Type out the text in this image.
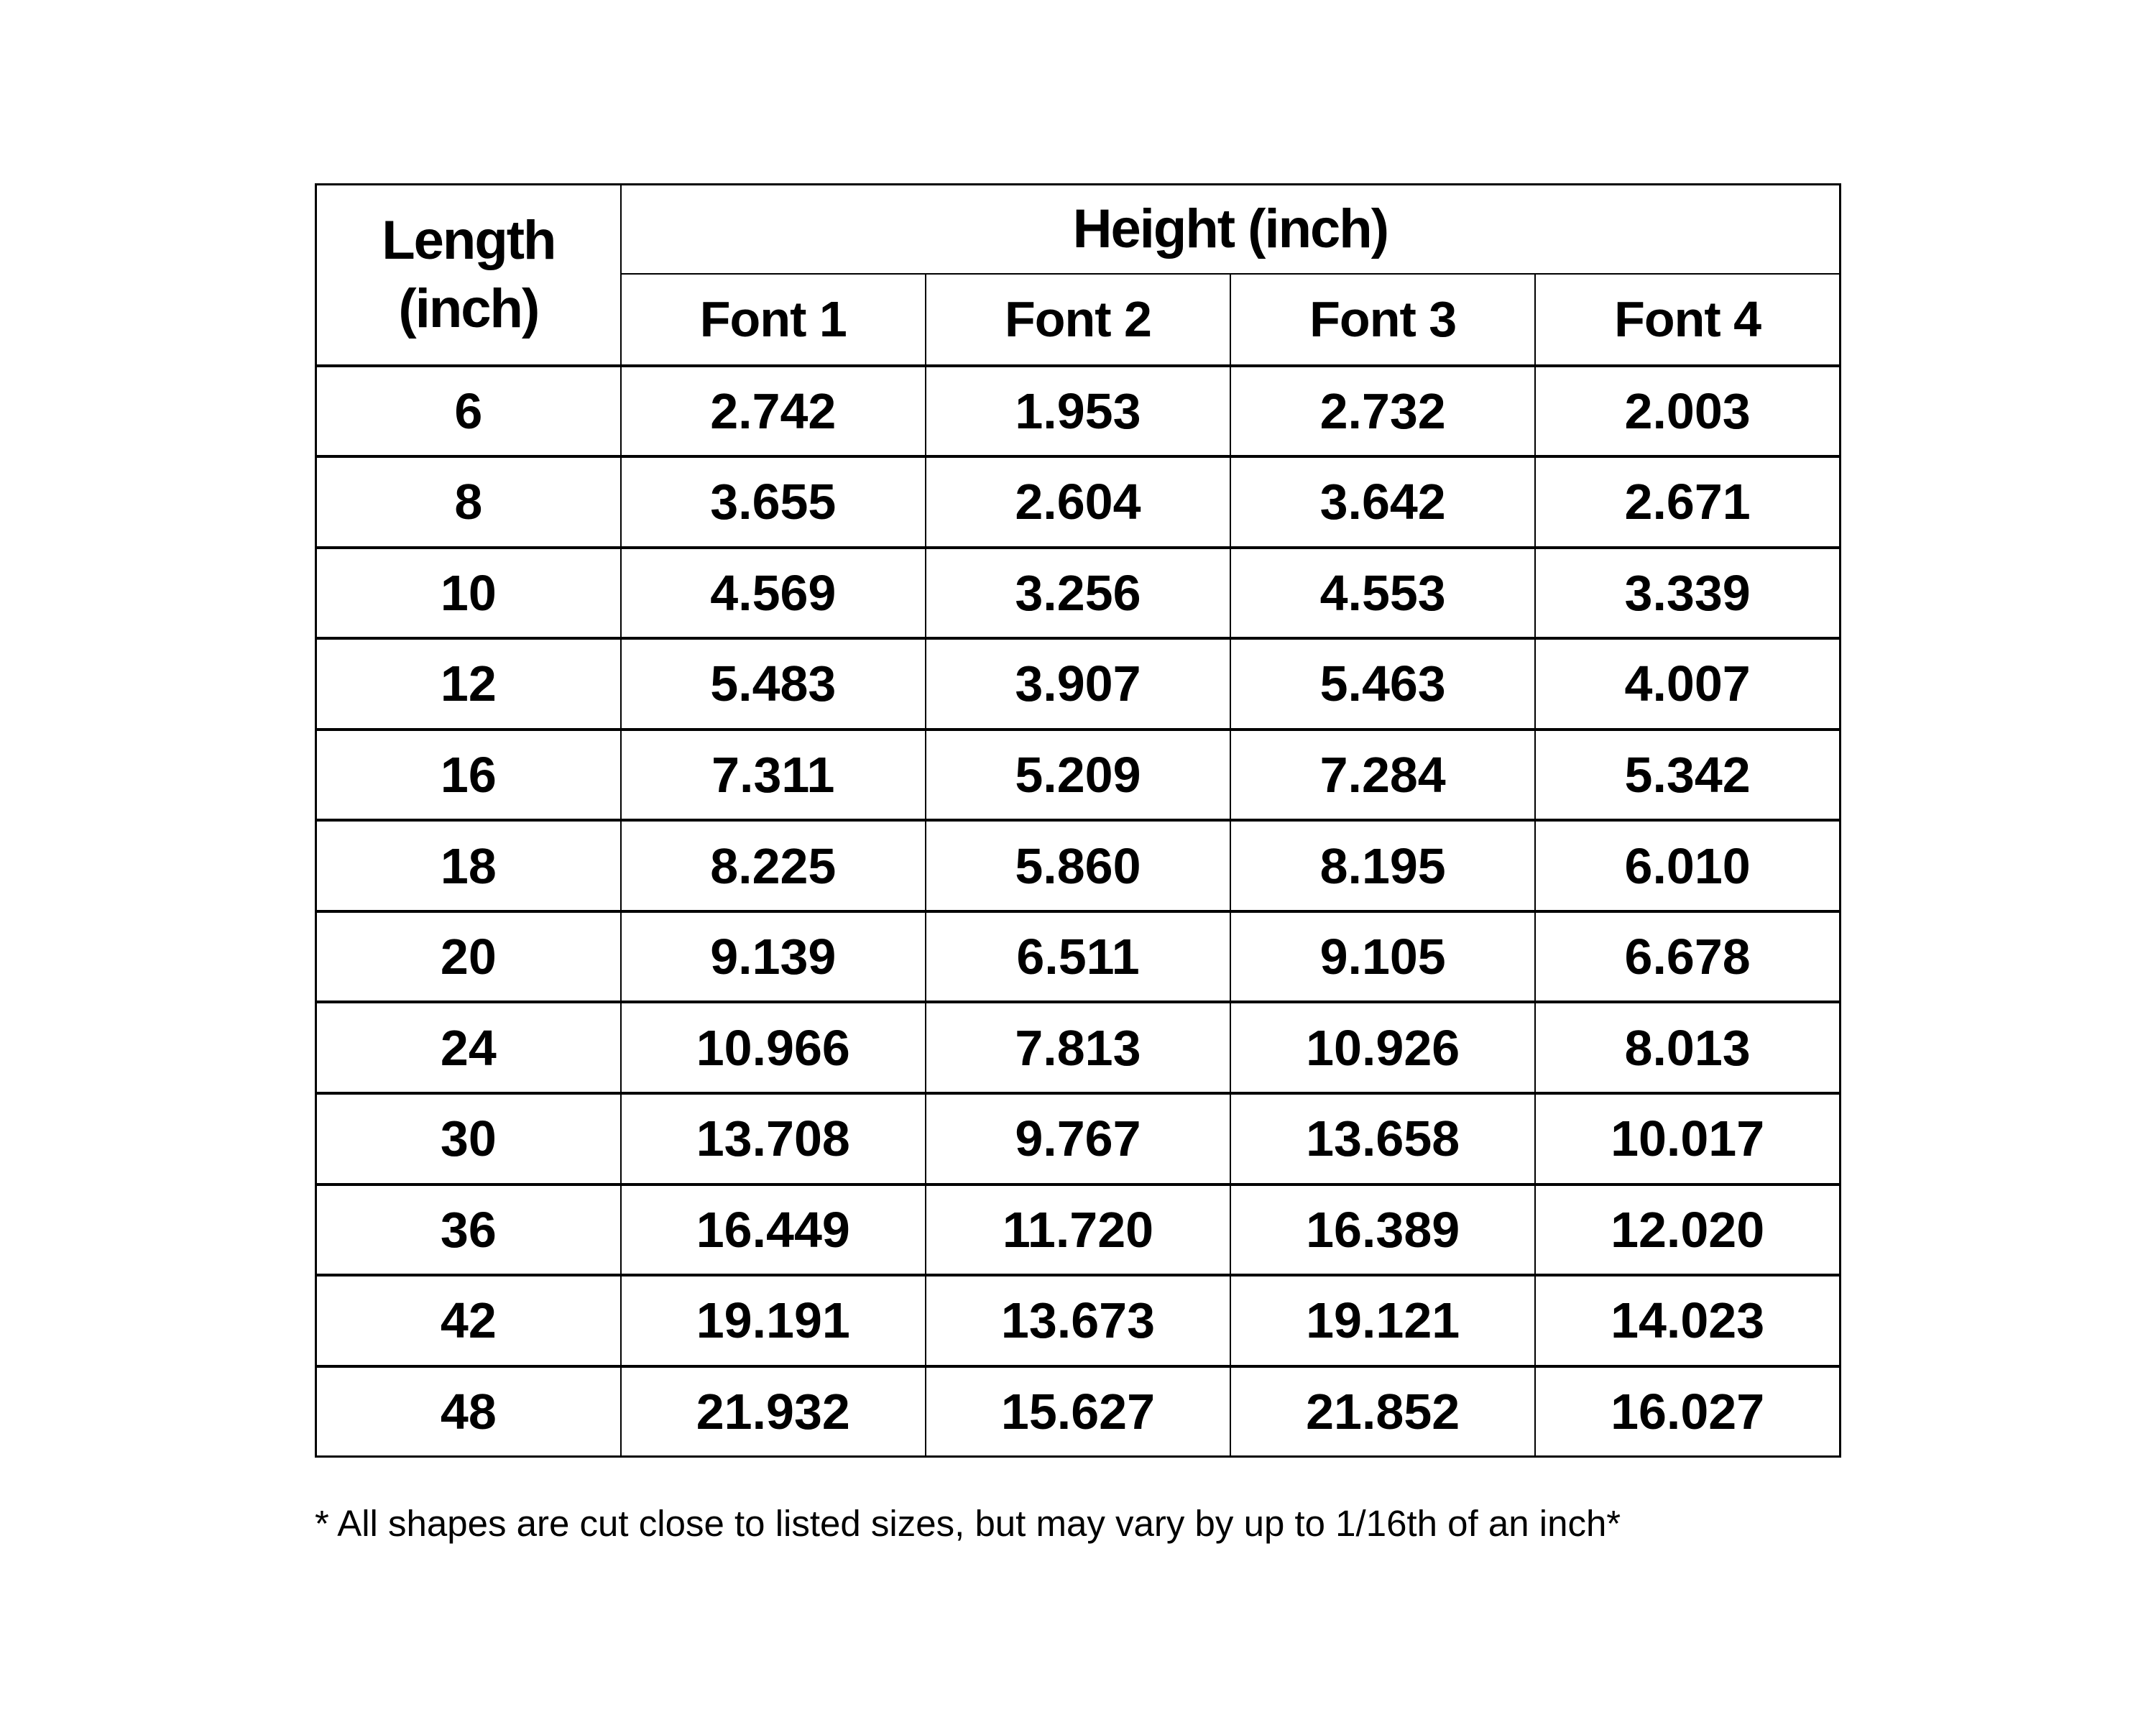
Length
(inch)	Height (inch)			
	Font 1	Font 2	Font 3	Font 4
6	2.742	1.953	2.732	2.003
8	3.655	2.604	3.642	2.671
10	4.569	3.256	4.553	3.339
12	5.483	3.907	5.463	4.007
16	7.311	5.209	7.284	5.342
18	8.225	5.860	8.195	6.010
20	9.139	6.511	9.105	6.678
24	10.966	7.813	10.926	8.013
30	13.708	9.767	13.658	10.017
36	16.449	11.720	16.389	12.020
42	19.191	13.673	19.121	14.023
48	21.932	15.627	21.852	16.027
* All shapes are cut close to listed sizes, but may vary by up to 1/16th of an inch*
